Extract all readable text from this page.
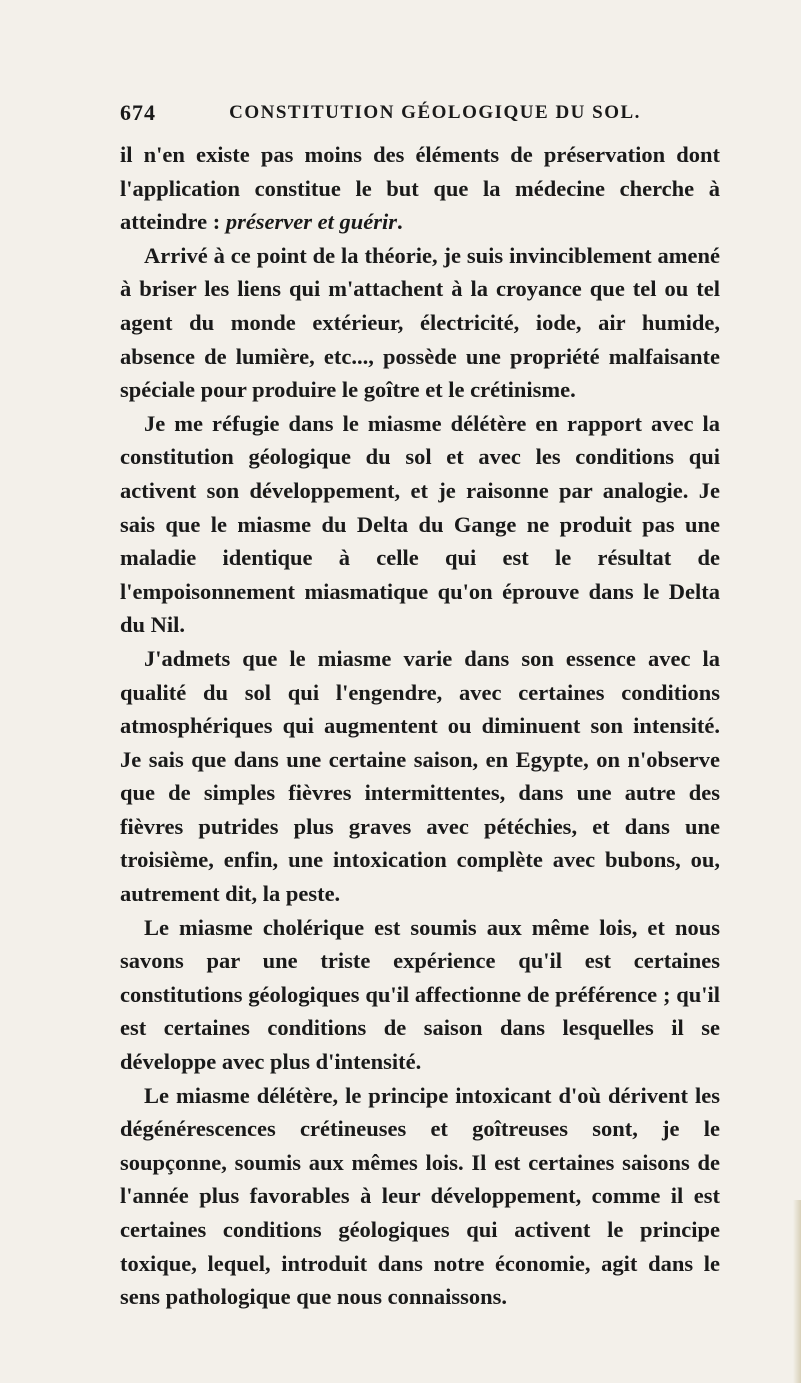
674	CONSTITUTION GÉOLOGIQUE DU SOL.

il n'en existe pas moins des éléments de préservation dont l'application constitue le but que la médecine cherche à atteindre : préserver et guérir.

Arrivé à ce point de la théorie, je suis invinciblement amené à briser les liens qui m'attachent à la croyance que tel ou tel agent du monde extérieur, électricité, iode, air humide, absence de lumière, etc..., possède une propriété malfaisante spéciale pour produire le goître et le crétinisme.

Je me réfugie dans le miasme délétère en rapport avec la constitution géologique du sol et avec les conditions qui activent son développement, et je raisonne par analogie. Je sais que le miasme du Delta du Gange ne produit pas une maladie identique à celle qui est le résultat de l'empoisonnement miasmatique qu'on éprouve dans le Delta du Nil.

J'admets que le miasme varie dans son essence avec la qualité du sol qui l'engendre, avec certaines conditions atmosphériques qui augmentent ou diminuent son intensité. Je sais que dans une certaine saison, en Egypte, on n'observe que de simples fièvres intermittentes, dans une autre des fièvres putrides plus graves avec pétéchies, et dans une troisième, enfin, une intoxication complète avec bubons, ou, autrement dit, la peste.

Le miasme cholérique est soumis aux même lois, et nous savons par une triste expérience qu'il est certaines constitutions géologiques qu'il affectionne de préférence ; qu'il est certaines conditions de saison dans lesquelles il se développe avec plus d'intensité.

Le miasme délétère, le principe intoxicant d'où dérivent les dégénérescences crétineuses et goîtreuses sont, je le soupçonne, soumis aux mêmes lois. Il est certaines saisons de l'année plus favorables à leur développement, comme il est certaines conditions géologiques qui activent le principe toxique, lequel, introduit dans notre économie, agit dans le sens pathologique que nous connaissons.
